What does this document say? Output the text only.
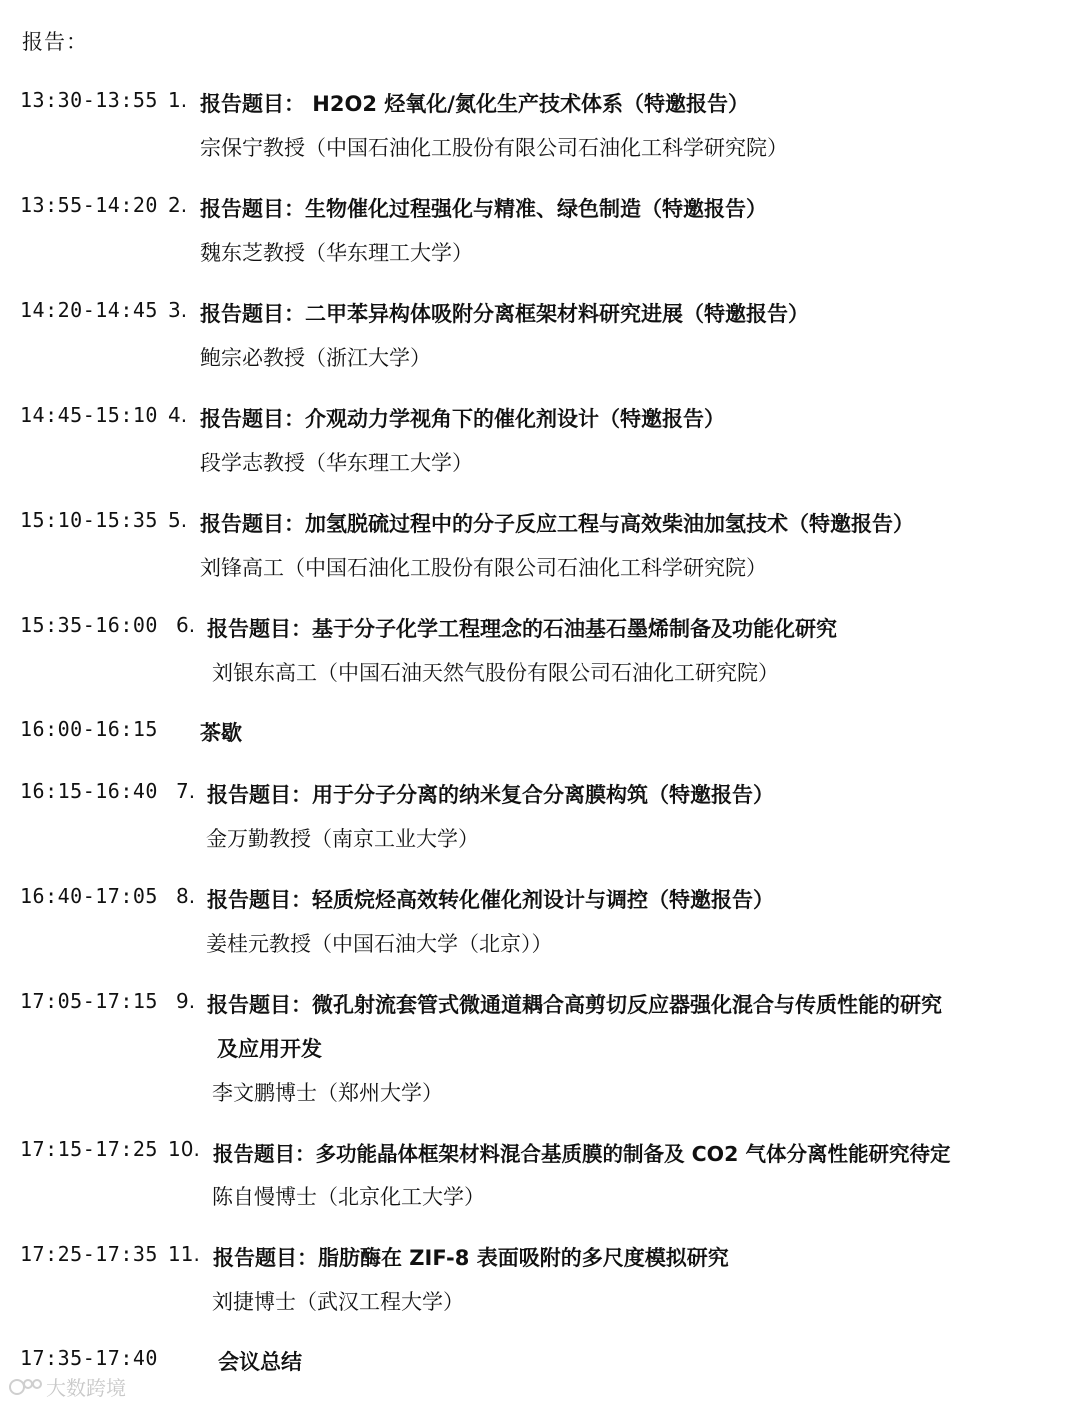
报告：
13:30-13:55 1. 报告题目： H2O2 烃氧化/氮化生产技术体系（特邀报告）
宗保宁教授（中国石油化工股份有限公司石油化工科学研究院）
13:55-14:20 2. 报告题目：生物催化过程强化与精准、绿色制造（特邀报告）
魏东芝教授（华东理工大学）
14:20-14:45 3. 报告题目：二甲苯异构体吸附分离框架材料研究进展（特邀报告）
鲍宗必教授（浙江大学）
14:45-15:10 4. 报告题目：介观动力学视角下的催化剂设计（特邀报告）
段学志教授（华东理工大学）
15:10-15:35 5. 报告题目：加氢脱硫过程中的分子反应工程与高效柴油加氢技术（特邀报告）
刘锋高工（中国石油化工股份有限公司石油化工科学研究院）
15:35-16:00 6. 报告题目：基于分子化学工程理念的石油基石墨烯制备及功能化研究
刘银东高工（中国石油天然气股份有限公司石油化工研究院）
16:00-16:15 茶歇
16:15-16:40 7. 报告题目：用于分子分离的纳米复合分离膜构筑（特邀报告）
金万勤教授（南京工业大学）
16:40-17:05 8. 报告题目：轻质烷烃高效转化催化剂设计与调控（特邀报告）
姜桂元教授（中国石油大学（北京））
17:05-17:15 9. 报告题目：微孔射流套管式微通道耦合高剪切反应器强化混合与传质性能的研究
及应用开发
李文鹏博士（郑州大学）
17:15-17:25 10. 报告题目：多功能晶体框架材料混合基质膜的制备及 CO2 气体分离性能研究待定
陈自慢博士（北京化工大学）
17:25-17:35 11. 报告题目：脂肪酶在 ZIF-8 表面吸附的多尺度模拟研究
刘捷博士（武汉工程大学）
17:35-17:40	会议总结
大数跨境
